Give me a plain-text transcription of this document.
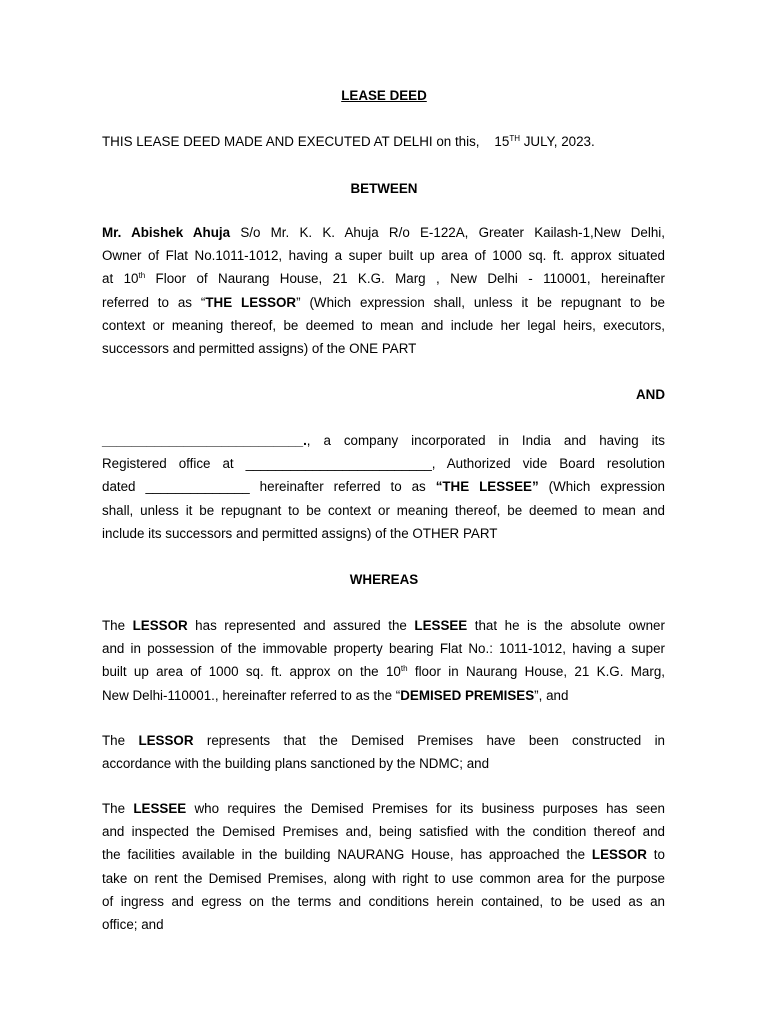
LEASE DEED
THIS LEASE DEED MADE AND EXECUTED AT DELHI on this, 15TH JULY, 2023.
BETWEEN
Mr. Abishek Ahuja S/o Mr. K. K. Ahuja R/o E-122A, Greater Kailash-1,New Delhi,
Owner of Flat No.1011-1012, having a super built up area of 1000 sq. ft. approx situated
at 10th Floor of Naurang House, 21 K.G. Marg , New Delhi - 110001, hereinafter
referred to as “THE LESSOR” (Which expression shall, unless it be repugnant to be
context or meaning thereof, be deemed to mean and include her legal heirs, executors,
successors and permitted assigns) of the ONE PART
AND
___________________________., a company incorporated in India and having its
Registered office at _________________________, Authorized vide Board resolution
dated ______________ hereinafter referred to as “THE LESSEE” (Which expression
shall, unless it be repugnant to be context or meaning thereof, be deemed to mean and
include its successors and permitted assigns) of the OTHER PART
WHEREAS
The LESSOR has represented and assured the LESSEE that he is the absolute owner
and in possession of the immovable property bearing Flat No.: 1011-1012, having a super
built up area of 1000 sq. ft. approx on the 10th floor in Naurang House, 21 K.G. Marg,
New Delhi-110001., hereinafter referred to as the “DEMISED PREMISES”, and
The LESSOR represents that the Demised Premises have been constructed in
accordance with the building plans sanctioned by the NDMC; and
The LESSEE who requires the Demised Premises for its business purposes has seen
and inspected the Demised Premises and, being satisfied with the condition thereof and
the facilities available in the building NAURANG House, has approached the LESSOR to
take on rent the Demised Premises, along with right to use common area for the purpose
of ingress and egress on the terms and conditions herein contained, to be used as an
office; and
